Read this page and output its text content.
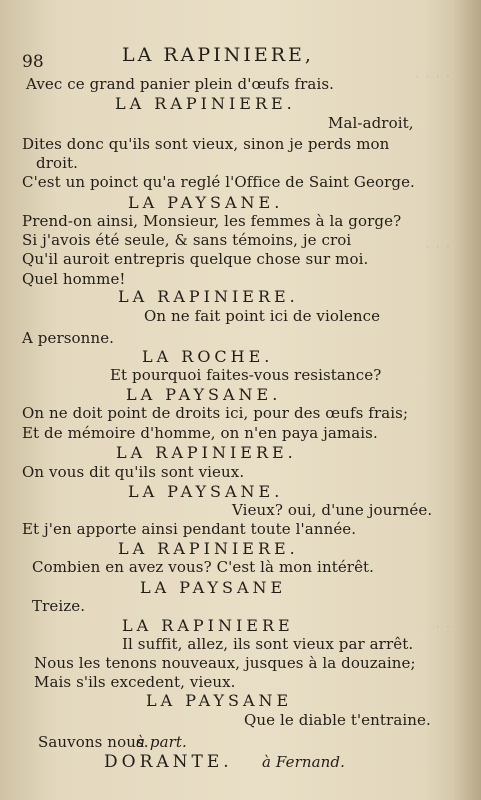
· · · ·
· · ·
· ·
98	LA RAPINIERE,
Avec ce grand panier plein d'œufs frais.
LA RAPINIERE.
Mal-adroit,
Dites donc qu'ils sont vieux, sinon je perds mon
droit.
C'est un poinct qu'a reglé l'Office de Saint George.
LA PAYSANE.
Prend-on ainsi, Monsieur, les femmes à la gorge?
Si j'avois été seule, & sans témoins, je croi
Qu'il auroit entrepris quelque chose sur moi.
Quel homme!
LA RAPINIERE.
On ne fait point ici de violence
A personne.
LA ROCHE.
Et pourquoi faites-vous resistance?
LA PAYSANE.
On ne doit point de droits ici, pour des œufs frais;
Et de mémoire d'homme, on n'en paya jamais.
LA RAPINIERE.
On vous dit qu'ils sont vieux.
LA PAYSANE.
Vieux? oui, d'une journée.
Et j'en apporte ainsi pendant toute l'année.
LA RAPINIERE.
Combien en avez vous? C'est là mon intérêt.
LA PAYSANE
Treize.
LA RAPINIERE
Il suffit, allez, ils sont vieux par arrêt.
Nous les tenons nouveaux, jusques à la douzaine;
Mais s'ils excedent, vieux.
LA PAYSANE
Que le diable t'entraine.
Sauvons nous.
à part.
DORANTE. à Fernand.
